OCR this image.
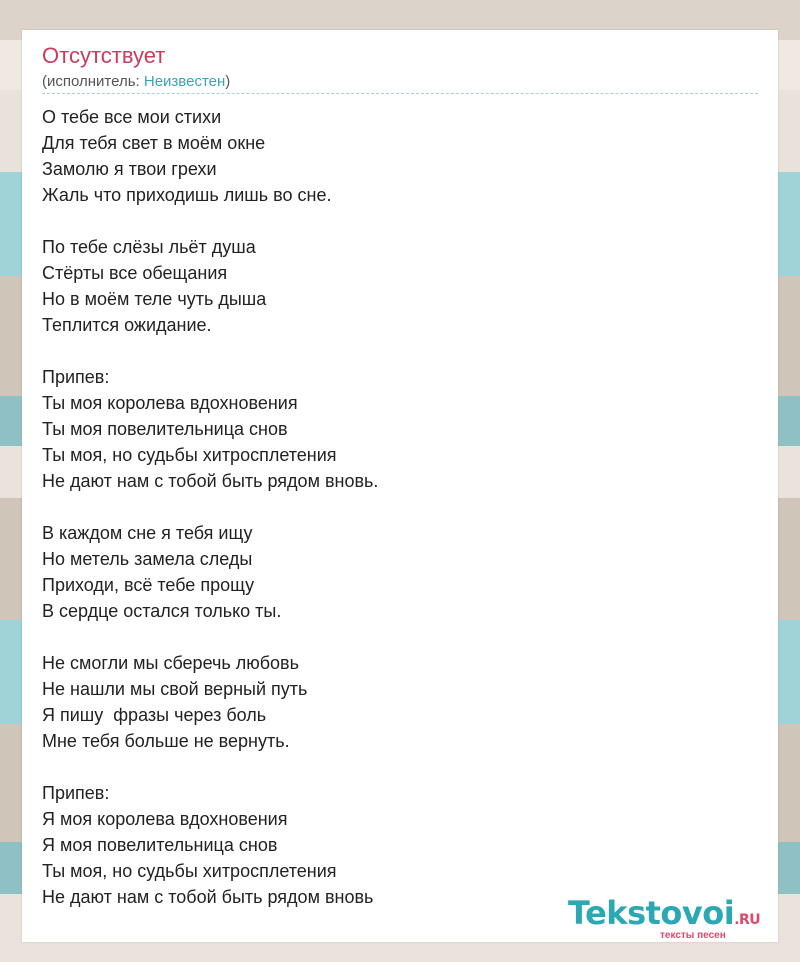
Отсутствует
(исполнитель: Неизвестен)
О тебе все мои стихи
Для тебя свет в моём окне
Замолю я твои грехи
Жаль что приходишь лишь во сне.
По тебе слёзы льёт душа
Стёрты все обещания
Но в моём теле чуть дыша
Теплится ожидание.
Припев:
Ты моя королева вдохновения
Ты моя повелительница снов
Ты моя, но судьбы хитросплетения
Не дают нам с тобой быть рядом вновь.
В каждом сне я тебя ищу
Но метель замела следы
Приходи, всё тебе прощу
В сердце остался только ты.
Не смогли мы сберечь любовь
Не нашли мы свой верный путь
Я пишу  фразы через боль
Мне тебя больше не вернуть.
Припев:
Я моя королева вдохновения
Я моя повелительница снов
Ты моя, но судьбы хитросплетения
Не дают нам с тобой быть рядом вновь	Tekstovoi.RU
тексты песен
